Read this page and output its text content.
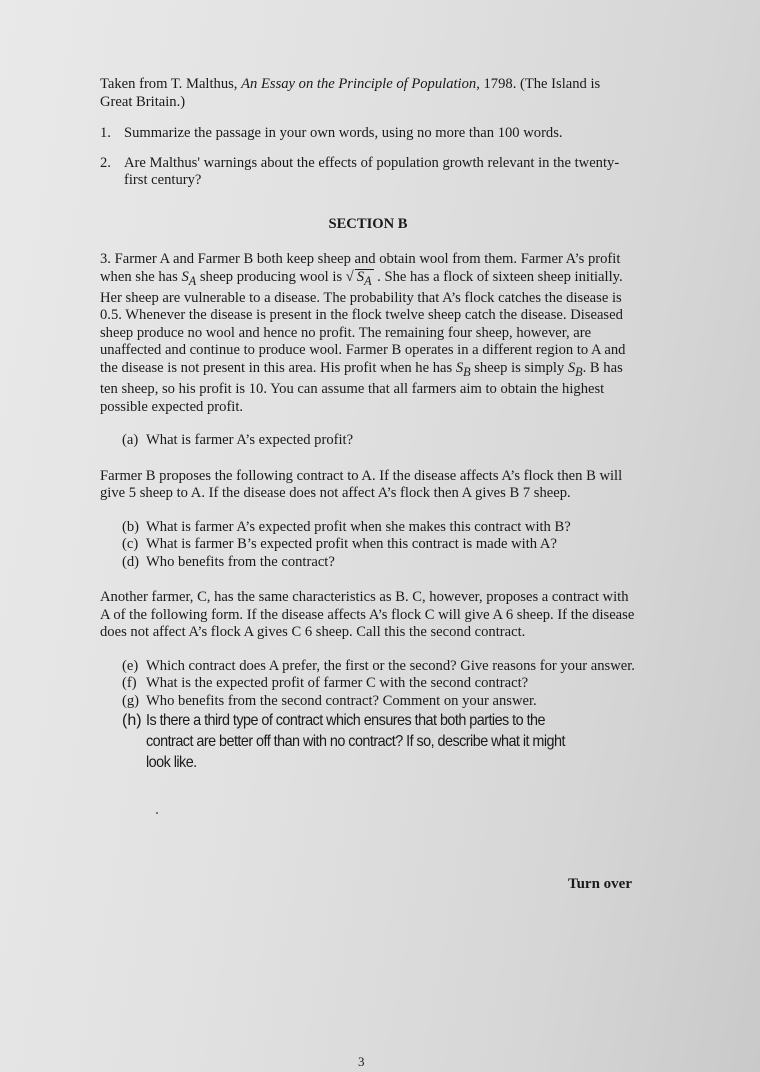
Taken from T. Malthus, An Essay on the Principle of Population, 1798. (The Island is Great Britain.)

1. Summarize the passage in your own words, using no more than 100 words.
2. Are Malthus' warnings about the effects of population growth relevant in the twenty-first century?

SECTION B

3. Farmer A and Farmer B both keep sheep and obtain wool from them. Farmer A’s profit when she has $S_A$ sheep producing wool is √ $S_A$ . She has a flock of sixteen sheep initially. Her sheep are vulnerable to a disease. The probability that A’s flock catches the disease is 0.5. Whenever the disease is present in the flock twelve sheep catch the disease. Diseased sheep produce no wool and hence no profit. The remaining four sheep, however, are unaffected and continue to produce wool. Farmer B operates in a different region to A and the disease is not present in this area. His profit when he has $S_B$ sheep is simply $S_B$. B has ten sheep, so his profit is 10. You can assume that all farmers aim to obtain the highest possible expected profit.

(a) What is farmer A’s expected profit?

Farmer B proposes the following contract to A. If the disease affects A’s flock then B will give 5 sheep to A. If the disease does not affect A’s flock then A gives B 7 sheep.

(b) What is farmer A’s expected profit when she makes this contract with B?
(c) What is farmer B’s expected profit when this contract is made with A?
(d) Who benefits from the contract?

Another farmer, C, has the same characteristics as B. C, however, proposes a contract with A of the following form. If the disease affects A’s flock C will give A 6 sheep. If the disease does not affect A’s flock A gives C 6 sheep. Call this the second contract.

(e) Which contract does A prefer, the first or the second? Give reasons for your answer.
(f) What is the expected profit of farmer C with the second contract?
(g) Who benefits from the second contract? Comment on your answer.
(h) Is there a third type of contract which ensures that both parties to the contract are better off than with no contract? If so, describe what it might look like.
Turn over
3
